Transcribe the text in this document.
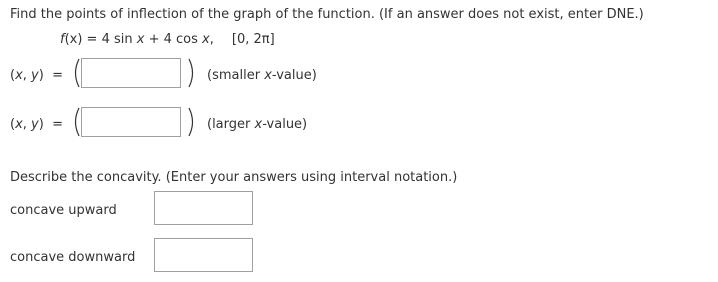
Find the points of inflection of the graph of the function. (If an answer does not exist, enter DNE.)
f(x) = 4 sin x + 4 cos x, [0, 2π]
(x, y)  =	(smaller x-value)
(x, y)  =	(larger x-value)
Describe the concavity. (Enter your answers using interval notation.)
concave upward
concave downward
